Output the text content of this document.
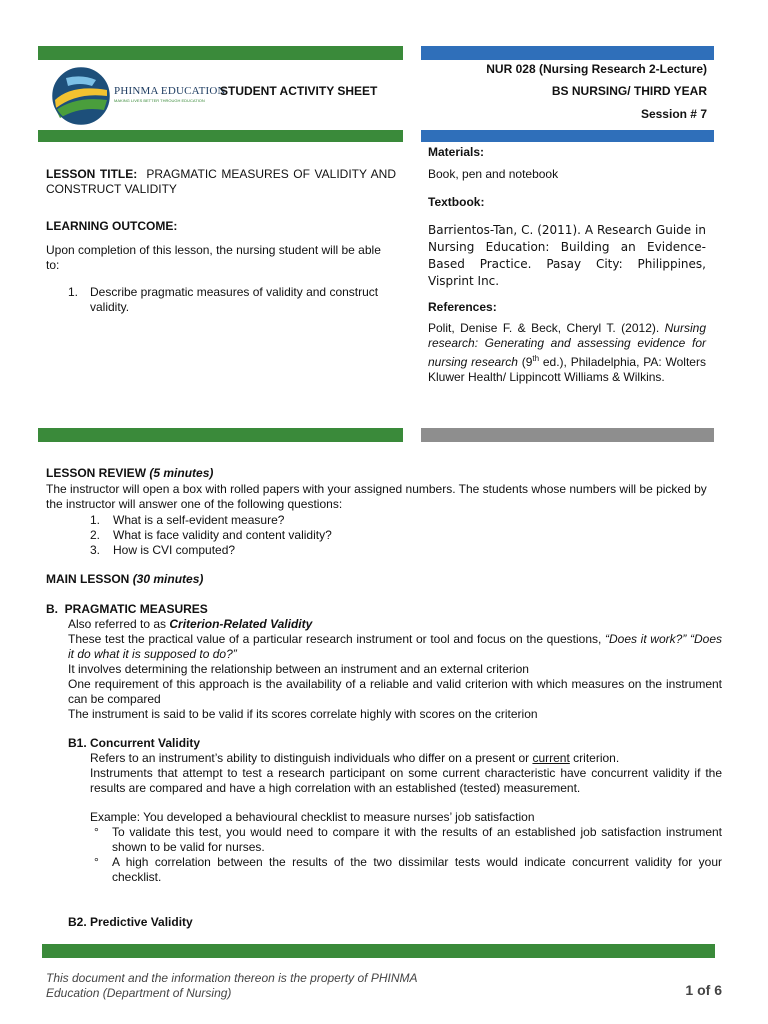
PHINMA EDUCATION
MAKING LIVES BETTER THROUGH EDUCATION
STUDENT ACTIVITY SHEET
NUR 028 (Nursing Research 2-Lecture)
BS NURSING/ THIRD YEAR
Session # 7
LESSON TITLE: PRAGMATIC MEASURES OF VALIDITY AND CONSTRUCT VALIDITY
LEARNING OUTCOME:
Upon completion of this lesson, the nursing student will be able to:
1. Describe pragmatic measures of validity and construct validity.
Materials:
Book, pen and notebook
Textbook:
Barrientos-Tan, C. (2011). A Research Guide in Nursing Education: Building an Evidence-Based Practice. Pasay City: Philippines, Visprint Inc.
References:
Polit, Denise F. & Beck, Cheryl T. (2012). Nursing research: Generating and assessing evidence for nursing research (9th ed.), Philadelphia, PA: Wolters Kluwer Health/ Lippincott Williams & Wilkins.
LESSON REVIEW (5 minutes)
The instructor will open a box with rolled papers with your assigned numbers. The students whose numbers will be picked by the instructor will answer one of the following questions:
1. What is a self-evident measure?
2. What is face validity and content validity?
3. How is CVI computed?
MAIN LESSON (30 minutes)
B.  PRAGMATIC MEASURES
Also referred to as Criterion-Related Validity
These test the practical value of a particular research instrument or tool and focus on the questions, “Does it work?” “Does it do what it is supposed to do?”
It involves determining the relationship between an instrument and an external criterion
One requirement of this approach is the availability of a reliable and valid criterion with which measures on the instrument can be compared
The instrument is said to be valid if its scores correlate highly with scores on the criterion
B1. Concurrent Validity
Refers to an instrument’s ability to distinguish individuals who differ on a present or current criterion.
Instruments that attempt to test a research participant on some current characteristic have concurrent validity if the results are compared and have a high correlation with an established (tested) measurement.
Example: You developed a behavioural checklist to measure nurses’ job satisfaction
° To validate this test, you would need to compare it with the results of an established job satisfaction instrument shown to be valid for nurses.
° A high correlation between the results of the two dissimilar tests would indicate concurrent validity for your checklist.
B2. Predictive Validity
This document and the information thereon is the property of PHINMA Education (Department of Nursing)	1 of 6
